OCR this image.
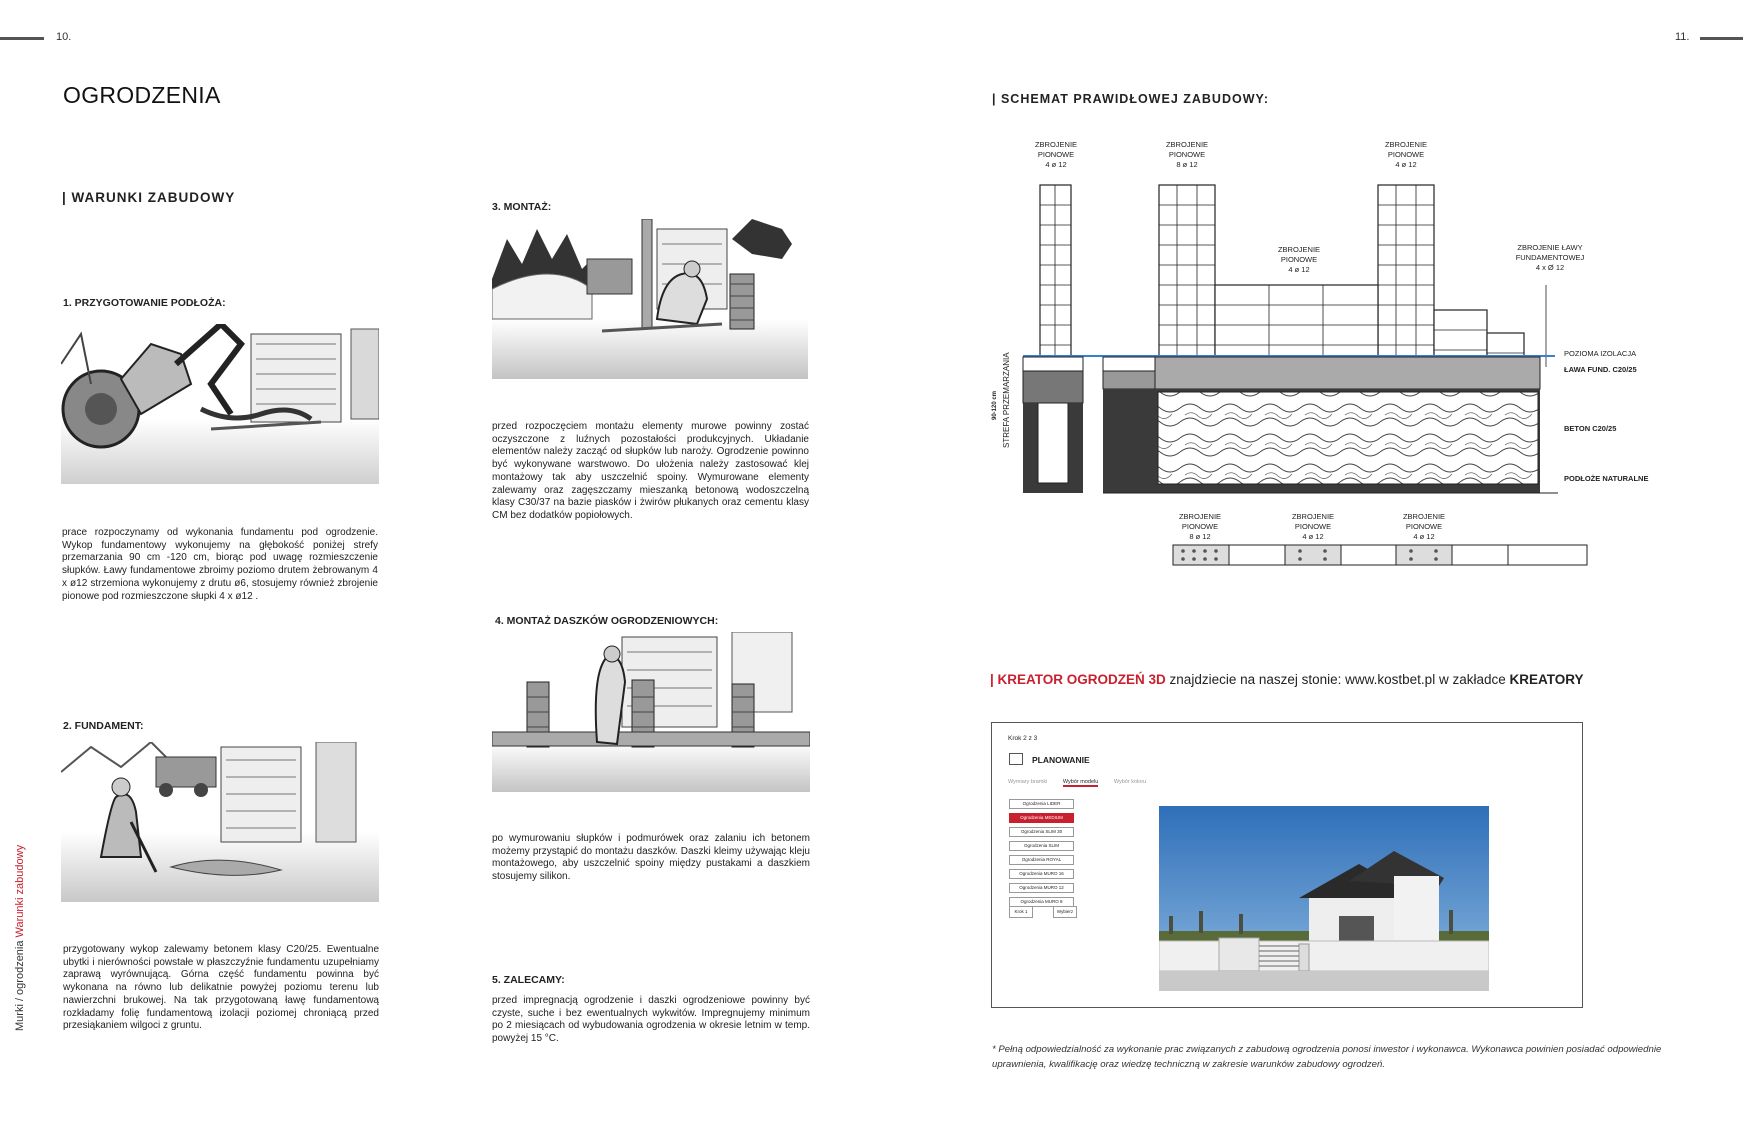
10.	11.
Murki / ogrodzenia Warunki zabudowy
OGRODZENIA
| WARUNKI ZABUDOWY
1. PRZYGOTOWANIE PODŁOŻA:
prace rozpoczynamy od wykonania fundamentu pod ogrodzenie. Wykop fundamentowy wykonujemy na głębokość poniżej strefy przemarzania 90 cm -120 cm, biorąc pod uwagę rozmieszczenie słupków. Ławy fundamentowe zbroimy poziomo drutem żebrowanym 4 x ø12 strzemiona wykonujemy z drutu ø6, stosujemy również zbrojenie pionowe pod rozmieszczone słupki 4 x ø12 .
2. FUNDAMENT:
przygotowany wykop zalewamy betonem klasy C20/25. Ewentualne ubytki i nierówności powstałe w płaszczyźnie fundamentu uzupełniamy zaprawą wyrównującą. Górna część fundamentu powinna być wykonana na równo lub delikatnie powyżej poziomu terenu lub nawierzchni brukowej. Na tak przygotowaną ławę fundamentową rozkładamy folię fundamentową izolacji poziomej chroniącą przed przesiąkaniem wilgoci z gruntu.
3. MONTAŻ:
przed rozpoczęciem montażu elementy murowe powinny zostać oczyszczone z luźnych pozostałości produkcyjnych. Układanie elementów należy zacząć od słupków lub naroży. Ogrodzenie powinno być wykonywane warstwowo. Do ułożenia należy zastosować klej montażowy tak aby uszczelnić spoiny. Wymurowane elementy zalewamy oraz zagęszczamy mieszanką betonową wodoszczelną klasy C30/37 na bazie piasków i żwirów płukanych oraz cementu klasy CM bez dodatków popiołowych.
4. MONTAŻ DASZKÓW OGRODZENIOWYCH:
po wymurowaniu słupków i podmurówek oraz zalaniu ich betonem możemy przystąpić do montażu daszków. Daszki kleimy używając kleju montażowego, aby uszczelnić spoiny między pustakami a daszkiem stosujemy silikon.
5. ZALECAMY:
przed impregnacją ogrodzenie i daszki ogrodzeniowe powinny być czyste, suche i bez ewentualnych wykwitów. Impregnujemy minimum po 2 miesiącach od wybudowania ogrodzenia w okresie letnim w temp. powyżej 15 °C.
| SCHEMAT PRAWIDŁOWEJ ZABUDOWY:
ZBROJENIE
PIONOWE
4 ø 12
ZBROJENIE
PIONOWE
8 ø 12
ZBROJENIE
PIONOWE
4 ø 12
ZBROJENIE
PIONOWE
4 ø 12
ZBROJENIE ŁAWY
FUNDAMENTOWEJ
4 x Ø 12
POZIOMA IZOLACJA
ŁAWA FUND. C20/25
BETON C20/25
PODŁOŻE NATURALNE
90-120 cm STREFA PRZEMARZANIA
ZBROJENIE
PIONOWE
8 ø 12
ZBROJENIE
PIONOWE
4 ø 12
ZBROJENIE
PIONOWE
4 ø 12
| KREATOR OGRODZEŃ 3D znajdziecie na naszej stonie: www.kostbet.pl w zakładce KREATORY
Krok 2 z 3
PLANOWANIE
Wymiary bramki	Wybór modelu	Wybór koloru
Ogrodzenia LIDER
Ogrodzenia MEDIUM
Ogrodzenia SLIM 30
Ogrodzenia SLIM
Ogrodzenia ROYAL
Ogrodzenia MURO 16
Ogrodzenia MURO 12
Ogrodzenia MURO 8
Krok 1	Wybierz
* Pełną odpowiedzialność za wykonanie prac związanych z zabudową ogrodzenia ponosi inwestor i wykonawca. Wykonawca powinien posiadać odpowiednie uprawnienia, kwalifikację oraz wiedzę techniczną w zakresie warunków zabudowy ogrodzeń.
